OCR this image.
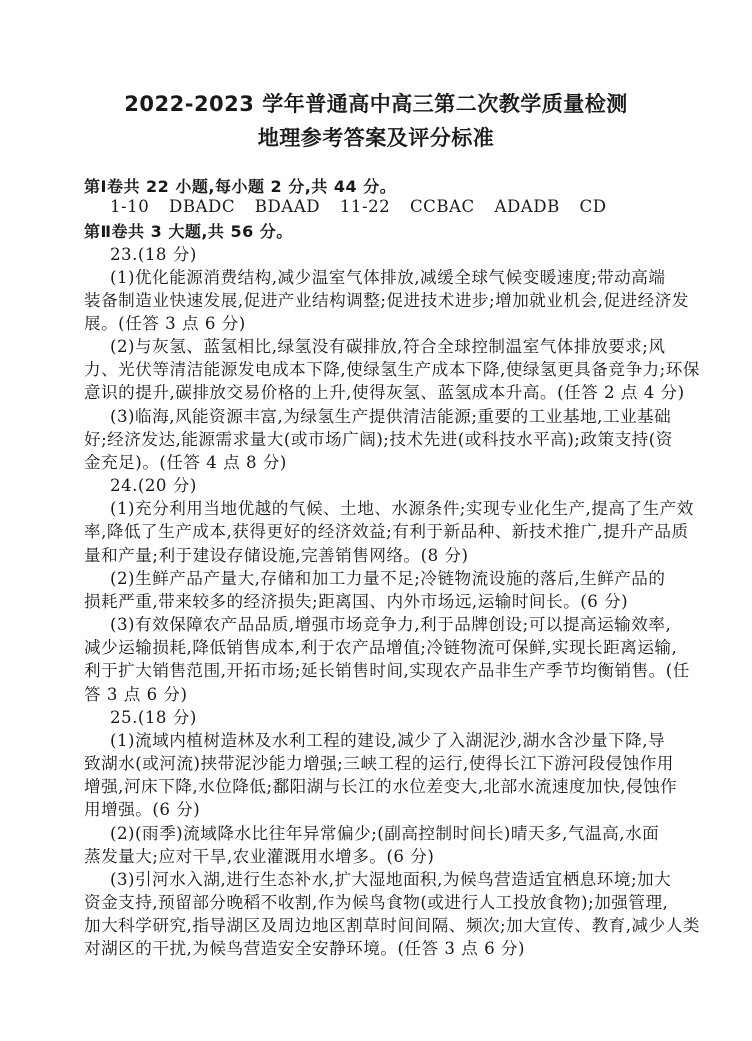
2022-2023 学年普通高中高三第二次教学质量检测
地理参考答案及评分标准
第Ⅰ卷共 22 小题,每小题 2 分,共 44 分。
1-10 DBADC BDAAD 11-22 CCBAC ADADB CD
第Ⅱ卷共 3 大题,共 56 分。
23.(18 分)
(1)优化能源消费结构,减少温室气体排放,减缓全球气候变暖速度;带动高端
装备制造业快速发展,促进产业结构调整;促进技术进步;增加就业机会,促进经济发
展。(任答 3 点 6 分)
(2)与灰氢、蓝氢相比,绿氢没有碳排放,符合全球控制温室气体排放要求;风
力、光伏等清洁能源发电成本下降,使绿氢生产成本下降,使绿氢更具备竞争力;环保
意识的提升,碳排放交易价格的上升,使得灰氢、蓝氢成本升高。(任答 2 点 4 分)
(3)临海,风能资源丰富,为绿氢生产提供清洁能源;重要的工业基地,工业基础
好;经济发达,能源需求量大(或市场广阔);技术先进(或科技水平高);政策支持(资
金充足)。(任答 4 点 8 分)
24.(20 分)
(1)充分利用当地优越的气候、土地、水源条件;实现专业化生产,提高了生产效
率,降低了生产成本,获得更好的经济效益;有利于新品种、新技术推广,提升产品质
量和产量;利于建设存储设施,完善销售网络。(8 分)
(2)生鲜产品产量大,存储和加工力量不足;冷链物流设施的落后,生鲜产品的
损耗严重,带来较多的经济损失;距离国、内外市场远,运输时间长。(6 分)
(3)有效保障农产品品质,增强市场竞争力,利于品牌创设;可以提高运输效率,
减少运输损耗,降低销售成本,利于农产品增值;冷链物流可保鲜,实现长距离运输,
利于扩大销售范围,开拓市场;延长销售时间,实现农产品非生产季节均衡销售。(任
答 3 点 6 分)
25.(18 分)
(1)流域内植树造林及水利工程的建设,减少了入湖泥沙,湖水含沙量下降,导
致湖水(或河流)挟带泥沙能力增强;三峡工程的运行,使得长江下游河段侵蚀作用
增强,河床下降,水位降低;鄱阳湖与长江的水位差变大,北部水流速度加快,侵蚀作
用增强。(6 分)
(2)(雨季)流域降水比往年异常偏少;(副高控制时间长)晴天多,气温高,水面
蒸发量大;应对干旱,农业灌溉用水增多。(6 分)
(3)引河水入湖,进行生态补水,扩大湿地面积,为候鸟营造适宜栖息环境;加大
资金支持,预留部分晚稻不收割,作为候鸟食物(或进行人工投放食物);加强管理,
加大科学研究,指导湖区及周边地区割草时间间隔、频次;加大宣传、教育,减少人类
对湖区的干扰,为候鸟营造安全安静环境。(任答 3 点 6 分)
